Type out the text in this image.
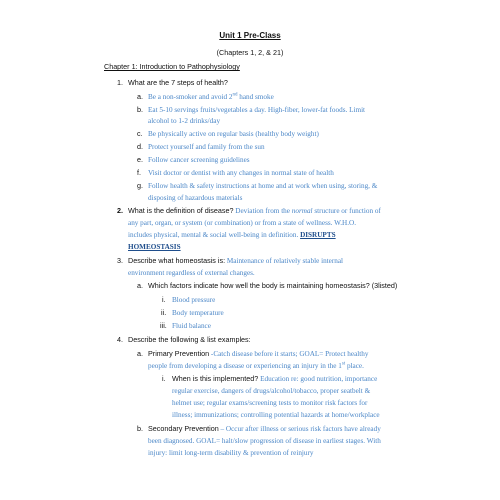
Unit 1 Pre-Class
(Chapters 1, 2, & 21)
Chapter 1: Introduction to Pathophysiology
1. What are the 7 steps of health?
a. Be a non-smoker and avoid 2nd hand smoke
b. Eat 5-10 servings fruits/vegetables a day. High-fiber, lower-fat foods. Limit
alcohol to 1-2 drinks/day
c. Be physically active on regular basis (healthy body weight)
d. Protect yourself and family from the sun
e. Follow cancer screening guidelines
f. Visit doctor or dentist with any changes in normal state of health
g. Follow health & safety instructions at home and at work when using, storing, &
disposing of hazardous materials
2. What is the definition of disease? Deviation from the normal structure or function of
any part, organ, or system (or combination) or from a state of wellness. W.H.O.
includes physical, mental & social well-being in definition. DISRUPTS
HOMEOSTASIS
3. Describe what homeostasis is: Maintenance of relatively stable internal
environment regardless of external changes.
a. Which factors indicate how well the body is maintaining homeostasis? (3listed)
i. Blood pressure
ii. Body temperature
iii. Fluid balance
4. Describe the following & list examples:
a. Primary Prevention -Catch disease before it starts; GOAL= Protect healthy
people from developing a disease or experiencing an injury in the 1st place.
i. When is this implemented? Education re: good nutrition, importance
regular exercise, dangers of drugs/alcohol/tobacco, proper seatbelt &
helmet use; regular exams/screening tests to monitor risk factors for
illness; immunizations; controlling potential hazards at home/workplace
b. Secondary Prevention – Occur after illness or serious risk factors have already
been diagnosed. GOAL= halt/slow progression of disease in earliest stages. With
injury: limit long-term disability & prevention of reinjury
